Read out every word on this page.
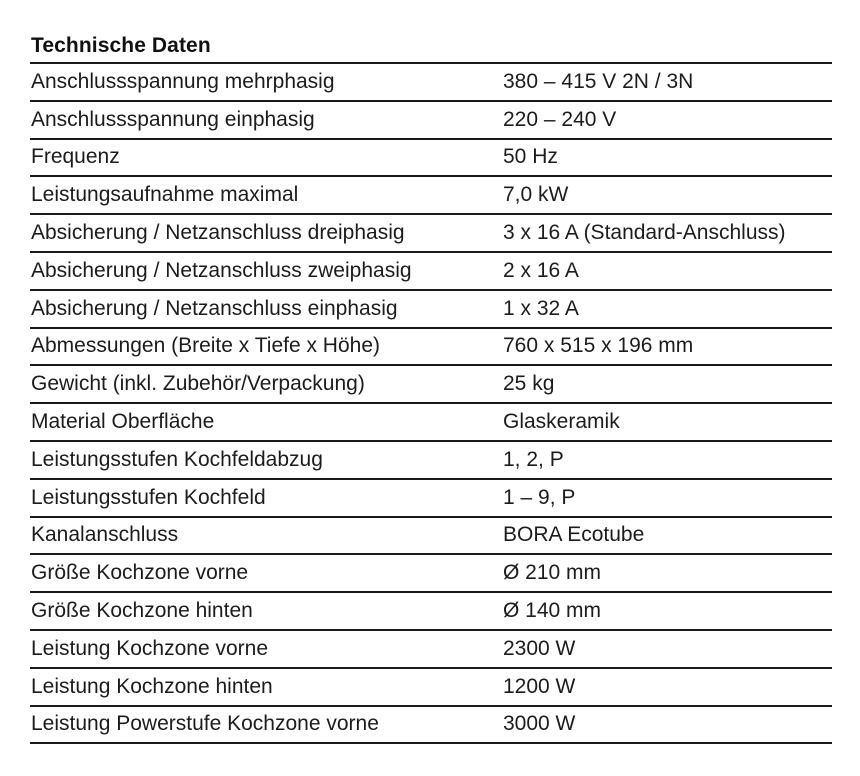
Technische Daten
Anschlussspannung mehrphasig	380 – 415 V 2N / 3N
Anschlussspannung einphasig	220 – 240 V
Frequenz	50 Hz
Leistungsaufnahme maximal	7,0 kW
Absicherung / Netzanschluss dreiphasig	3 x 16 A (Standard-Anschluss)
Absicherung / Netzanschluss zweiphasig	2 x 16 A
Absicherung / Netzanschluss einphasig	1 x 32 A
Abmessungen (Breite x Tiefe x Höhe)	760 x 515 x 196 mm
Gewicht (inkl. Zubehör/Verpackung)	25 kg
Material Oberfläche	Glaskeramik
Leistungsstufen Kochfeldabzug	1, 2, P
Leistungsstufen Kochfeld	1 – 9, P
Kanalanschluss	BORA Ecotube
Größe Kochzone vorne	Ø 210 mm
Größe Kochzone hinten	Ø 140 mm
Leistung Kochzone vorne	2300 W
Leistung Kochzone hinten	1200 W
Leistung Powerstufe Kochzone vorne	3000 W
